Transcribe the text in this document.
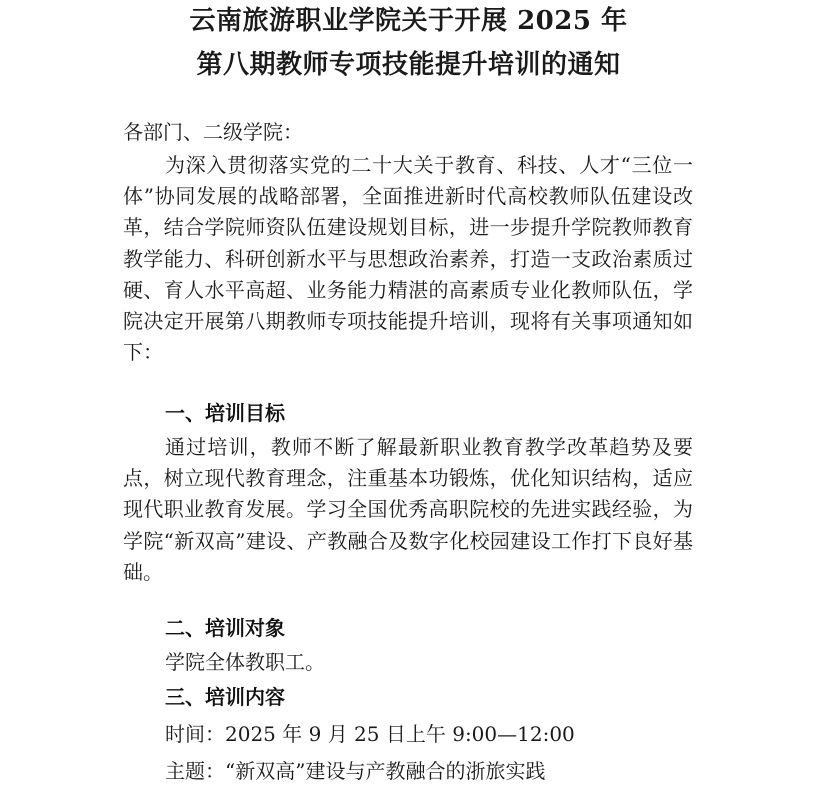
云南旅游职业学院关于开展 2025 年
第八期教师专项技能提升培训的通知
各部门、二级学院：
为深入贯彻落实党的二十大关于教育、科技、人才“三位一体”协同发展的战略部署，全面推进新时代高校教师队伍建设改革，结合学院师资队伍建设规划目标，进一步提升学院教师教育教学能力、科研创新水平与思想政治素养，打造一支政治素质过硬、育人水平高超、业务能力精湛的高素质专业化教师队伍，学院决定开展第八期教师专项技能提升培训，现将有关事项通知如下：
一、培训目标
通过培训，教师不断了解最新职业教育教学改革趋势及要点，树立现代教育理念，注重基本功锻炼，优化知识结构，适应现代职业教育发展。学习全国优秀高职院校的先进实践经验，为学院“新双高”建设、产教融合及数字化校园建设工作打下良好基础。
二、培训对象
学院全体教职工。
三、培训内容
时间：2025 年 9 月 25 日上午 9:00—12:00
主题：“新双高”建设与产教融合的浙旅实践
